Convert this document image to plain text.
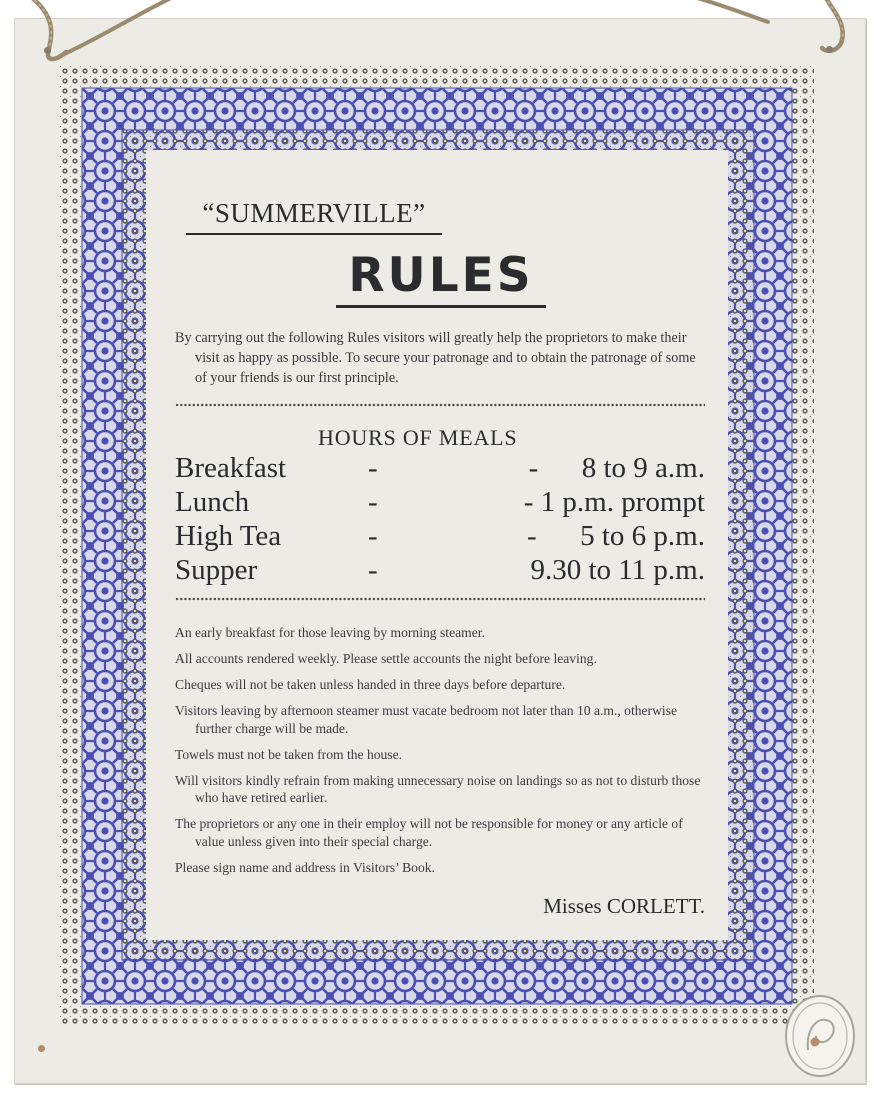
“SUMMERVILLE”
RULES

By carrying out the following Rules visitors will greatly help the proprietors to make their visit as happy as possible. To secure your patronage and to obtain the patronage of some of your friends is our first principle.

HOURS OF MEALS
Breakfast	-	-      8 to 9 a.m.
Lunch	-	- 1 p.m. prompt
High Tea	-	-      5 to 6 p.m.
Supper	-	9.30 to 11 p.m.

An early breakfast for those leaving by morning steamer.

All accounts rendered weekly. Please settle accounts the night before leaving.

Cheques will not be taken unless handed in three days before departure.

Visitors leaving by afternoon steamer must vacate bedroom not later than 10 a.m., otherwise further charge will be made.

Towels must not be taken from the house.

Will visitors kindly refrain from making unnecessary noise on landings so as not to disturb those who have retired earlier.

The proprietors or any one in their employ will not be responsible for money or any article of value unless given into their special charge.

Please sign name and address in Visitors’ Book.

Misses CORLETT.
